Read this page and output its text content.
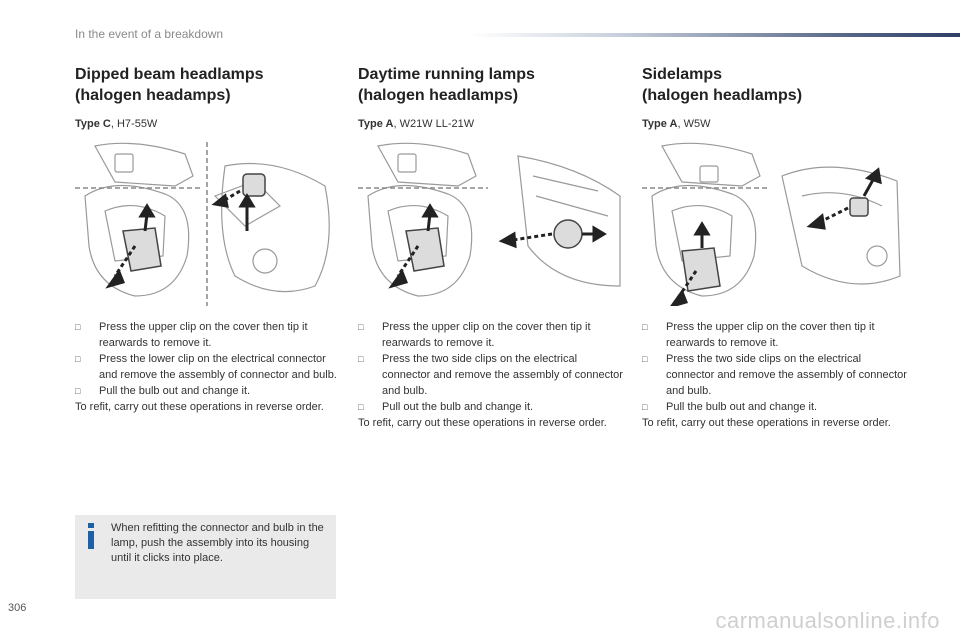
In the event of a breakdown
Dipped beam headlamps
(halogen headamps)
Type C, H7-55W
□ Press the upper clip on the cover then tip it rearwards to remove it.
□ Press the lower clip on the electrical connector and remove the assembly of connector and bulb.
□ Pull the bulb out and change it.

To refit, carry out these operations in reverse order.

Daytime running lamps
(halogen headlamps)
Type A, W21W LL-21W
□ Press the upper clip on the cover then tip it rearwards to remove it.
□ Press the two side clips on the electrical connector and remove the assembly of connector and bulb.
□ Pull out the bulb and change it.

To refit, carry out these operations in reverse order.

Sidelamps
(halogen headlamps)
Type A, W5W
□ Press the upper clip on the cover then tip it rearwards to remove it.
□ Press the two side clips on the electrical connector and remove the assembly of connector and bulb.
□ Pull the bulb out and change it.

To refit, carry out these operations in reverse order.

When refitting the connector and bulb in the lamp, push the assembly into its housing until it clicks into place.
306	carmanualsonline.info
